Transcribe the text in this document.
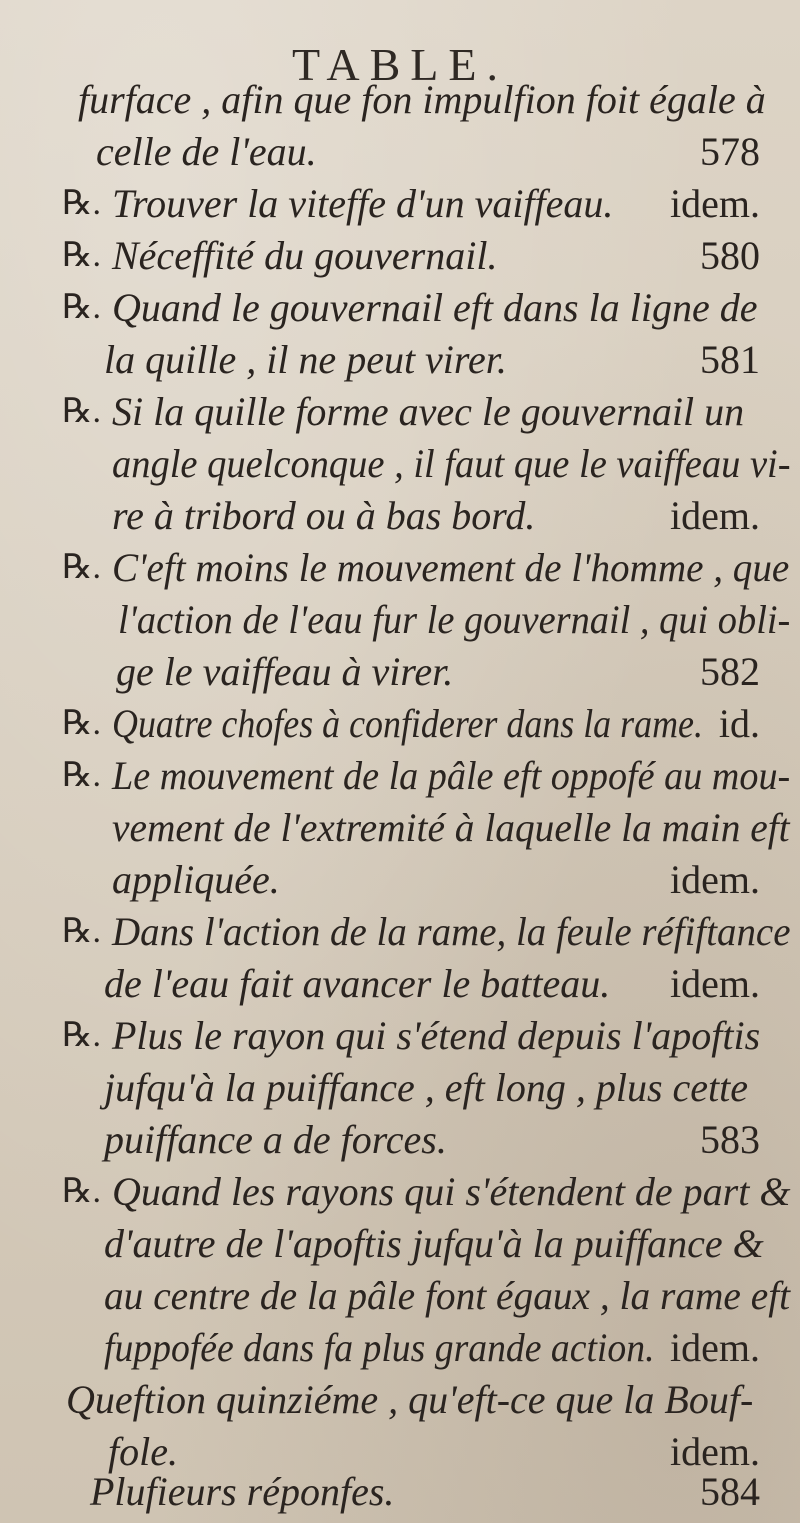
TABLE.
furface , afin que fon impulfion foit égale à
celle de l'eau.	578
℞. Trouver la viteffe d'un vaiffeau. idem.
℞. Néceffité du gouvernail.	580
℞. Quand le gouvernail eft dans la ligne de
la quille , il ne peut virer.	581
℞. Si la quille forme avec le gouvernail un
angle quelconque , il faut que le vaiffeau vi-
re à tribord ou à bas bord.	idem.
℞. C'eft moins le mouvement de l'homme , que
l'action de l'eau fur le gouvernail , qui obli-
ge le vaiffeau à virer.	582
℞. Quatre chofes à confiderer dans la rame. id.
℞. Le mouvement de la pâle eft oppofé au mou-
vement de l'extremité à laquelle la main eft
appliquée.	idem.
℞. Dans l'action de la rame, la feule réfiftance
de l'eau fait avancer le batteau. idem.
℞. Plus le rayon qui s'étend depuis l'apoftis
jufqu'à la puiffance , eft long , plus cette
puiffance a de forces.	583
℞. Quand les rayons qui s'étendent de part &
d'autre de l'apoftis jufqu'à la puiffance &
au centre de la pâle font égaux , la rame eft
fuppofée dans fa plus grande action. idem.
Queftion quinziéme , qu'eft-ce que la Bouf-
fole.	idem.
Plufieurs réponfes.	584
